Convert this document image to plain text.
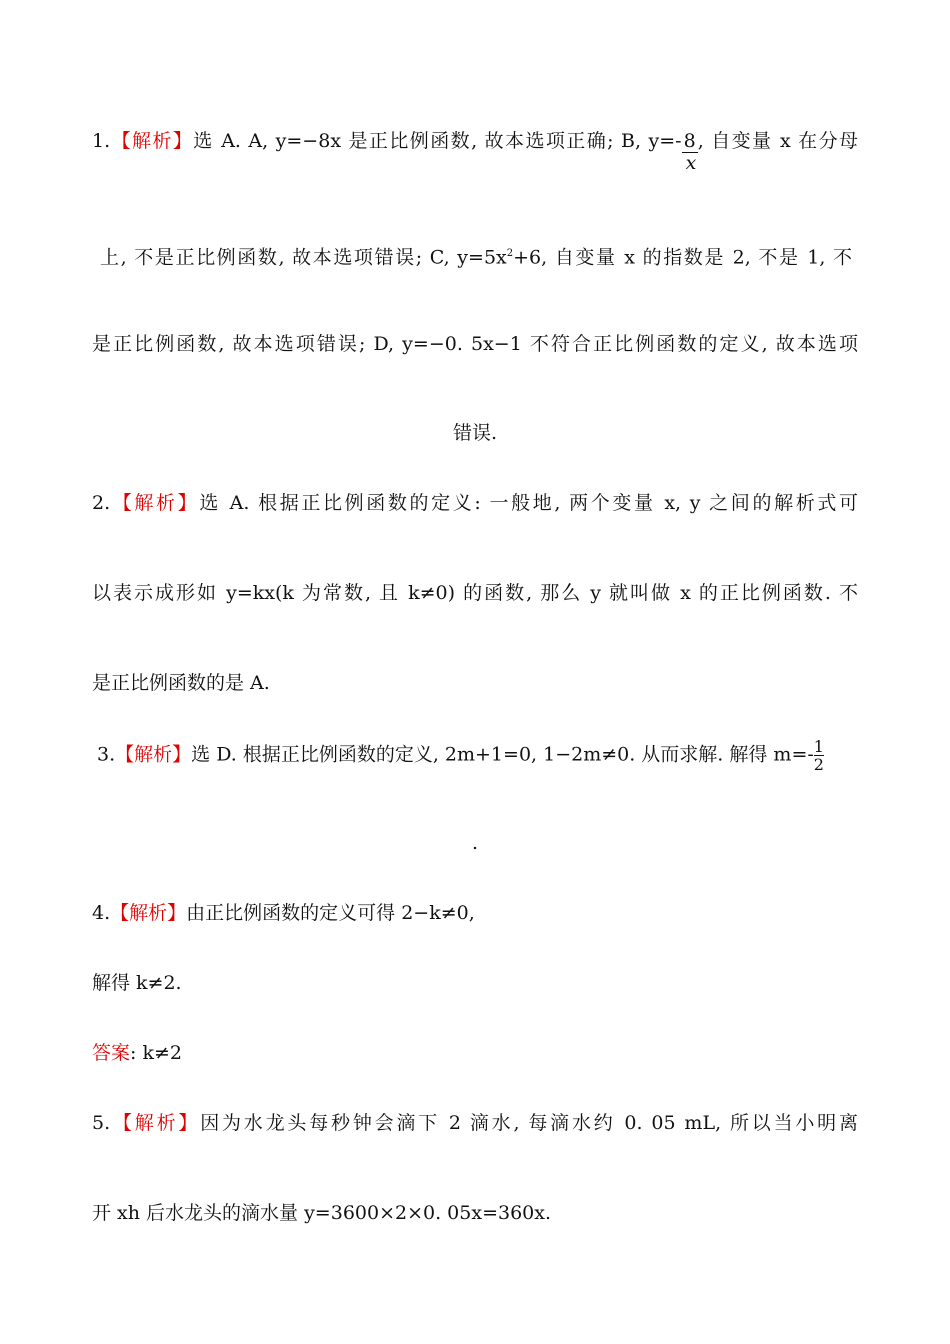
1.【解析】选 A. A, y=−8x 是正比例函数, 故本选项正确; B, $y=-\frac{8}{x}$ , 自变量 x 在分母
上, 不是正比例函数, 故本选项错误; C, $y=5x^2+6$, 自变量 x 的指数是 2, 不是 1, 不
是正比例函数, 故本选项错误; D, y=−0. 5x−1 不符合正比例函数的定义, 故本选项
错误.
2.【解析】选 A. 根据正比例函数的定义: 一般地, 两个变量 x, y 之间的解析式可
以表示成形如 y=kx(k 为常数, 且 k≠0) 的函数, 那么 y 就叫做 x 的正比例函数. 不
是正比例函数的是 A.
3.【解析】选 D. 根据正比例函数的定义, 2m+1=0, 1−2m≠0. 从而求解. 解得 $m=- \frac{1}{2}$
.
4.【解析】由正比例函数的定义可得 2−k≠0,
解得 k≠2.
答案: k≠2
5.【解析】因为水龙头每秒钟会滴下 2 滴水, 每滴水约 0. 05 mL, 所以当小明离
开 xh 后水龙头的滴水量 y=3600×2×0. 05x=360x.
